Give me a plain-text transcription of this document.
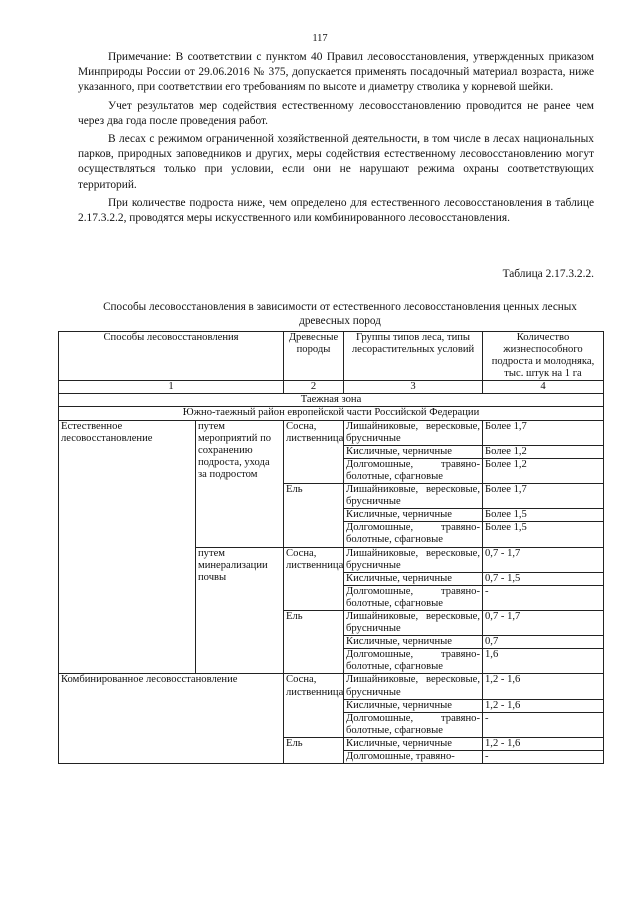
117

Примечание: В соответствии с пунктом 40 Правил лесовосстановления, утвержденных приказом Минприроды России от 29.06.2016 № 375, допускается применять посадочный материал возраста, ниже указанного, при соответствии его требованиям по высоте и диаметру стволика у корневой шейки.

Учет результатов мер содействия естественному лесовосстановлению проводится не ранее чем через два года после проведения работ.

В лесах с режимом ограниченной хозяйственной деятельности, в том числе в лесах национальных парков, природных заповедников и других, меры содействия естественному лесовосстановлению могут осуществляться только при условии, если они не нарушают режима охраны соответствующих территорий.

При количестве подроста ниже, чем определено для естественного лесовосстановления в таблице 2.17.3.2.2, проводятся меры искусственного или комбинированного лесовосстановления.

Таблица 2.17.3.2.2.
Способы лесовосстановления в зависимости от естественного лесовосстановления ценных лесных древесных пород
Способы лесовосстановления		Древесные породы	Группы типов леса, типы лесорастительных условий	Количество жизнеспособного подроста и молодняка, тыс. штук на 1 га
1		2	3	4
Таежная зона				
Южно-таежный район европейской части Российской Федерации				
Естественное лесовосстановление	путем мероприятий по сохранению подроста, ухода за подростом	Сосна, лиственница	Лишайниковые, вересковые, брусничные	Более 1,7
			Кисличные, черничные	Более 1,2
			Долгомошные, травяно-болотные, сфагновые	Более 1,2
		Ель	Лишайниковые, вересковые, брусничные	Более 1,7
			Кисличные, черничные	Более 1,5
			Долгомошные, травяно-болотные, сфагновые	Более 1,5
	путем минерализации почвы	Сосна, лиственница	Лишайниковые, вересковые, брусничные	0,7 - 1,7
			Кисличные, черничные	0,7 - 1,5
			Долгомошные, травяно-болотные, сфагновые	-
		Ель	Лишайниковые, вересковые, брусничные	0,7 - 1,7
			Кисличные, черничные	0,7
			Долгомошные, травяно-болотные, сфагновые	1,6
Комбинированное лесовосстановление		Сосна, лиственница	Лишайниковые, вересковые, брусничные	1,2 - 1,6
			Кисличные, черничные	1,2 - 1,6
			Долгомошные, травяно-болотные, сфагновые	-
		Ель	Кисличные, черничные	1,2 - 1,6
			Долгомошные, травяно-	-
